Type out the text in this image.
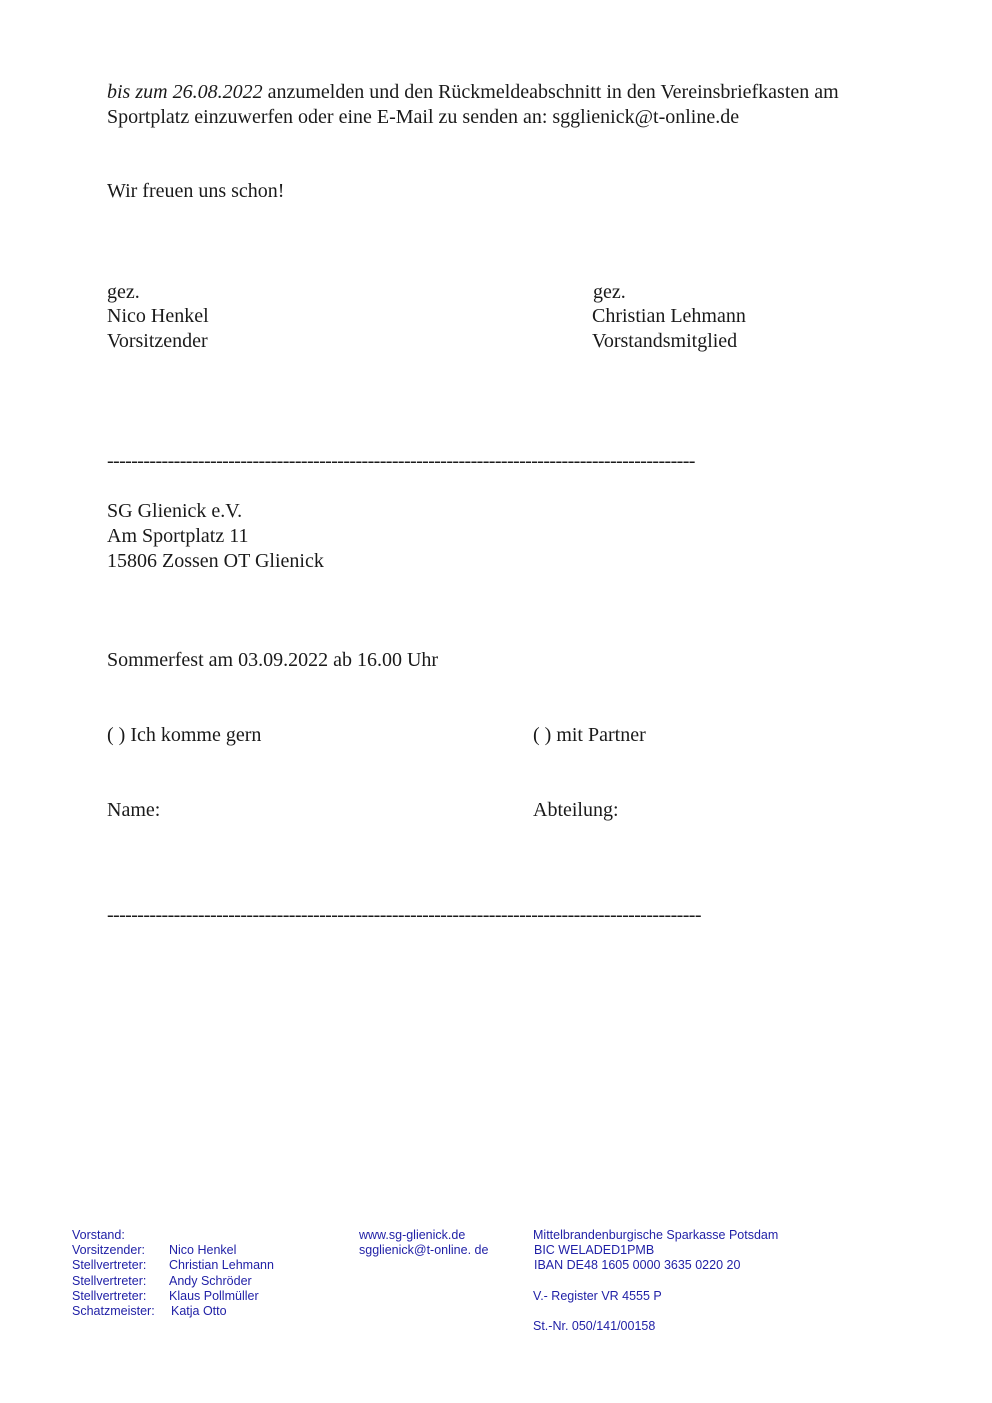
bis zum 26.08.2022 anzumelden und den Rückmeldeabschnitt in den Vereinsbriefkasten am
Sportplatz einzuwerfen oder eine E-Mail zu senden an: sgglienick@t-online.de
Wir freuen uns schon!
gez.
Nico Henkel
Vorsitzender
gez.
Christian Lehmann
Vorstandsmitglied
-------------------------------------------------------------------------------------------------
SG Glienick e.V.
Am Sportplatz 11
15806 Zossen OT Glienick
Sommerfest am 03.09.2022 ab 16.00 Uhr
( ) Ich komme gern	( ) mit Partner
Name:	Abteilung:
--------------------------------------------------------------------------------------------------
Vorstand:
Vorsitzender:	Nico Henkel
Stellvertreter:	Christian Lehmann
Stellvertreter:	Andy Schröder
Stellvertreter:	Klaus Pollmüller
Schatzmeister:	Katja Otto
www.sg-glienick.de
sgglienick@t-online. de
Mittelbrandenburgische Sparkasse Potsdam
BIC WELADED1PMB
IBAN DE48 1605 0000 3635 0220 20
V.- Register VR 4555 P
St.-Nr. 050/141/00158
